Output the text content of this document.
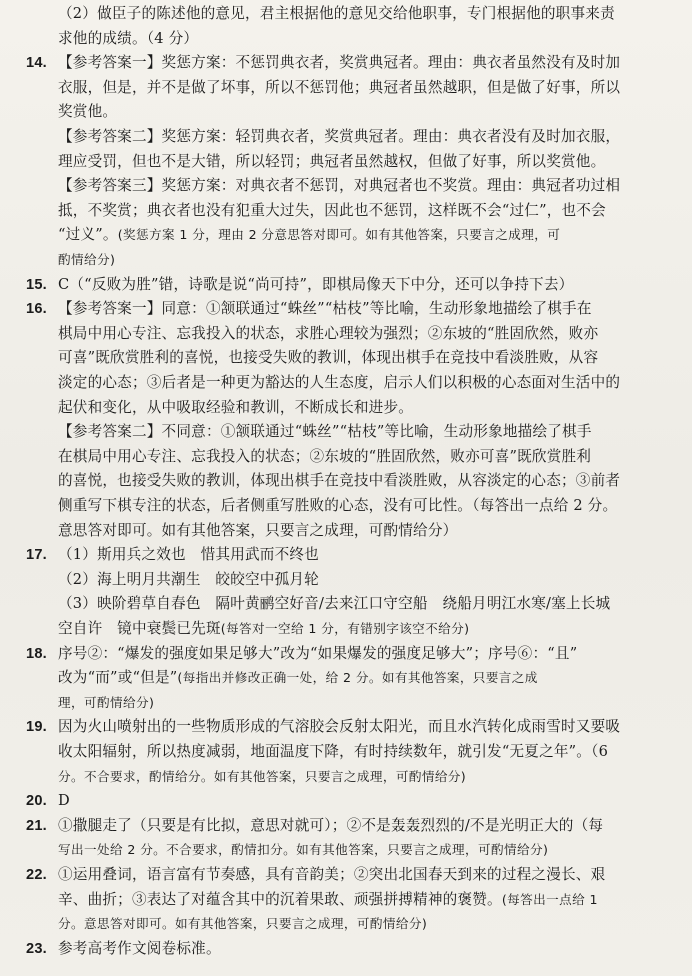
（2）做臣子的陈述他的意见，君主根据他的意见交给他职事，专门根据他的职事来责
求他的成绩。（4 分）
14. 【参考答案一】奖惩方案：不惩罚典衣者，奖赏典冠者。理由：典衣者虽然没有及时加
衣服，但是，并不是做了坏事，所以不惩罚他；典冠者虽然越职，但是做了好事，所以
奖赏他。
【参考答案二】奖惩方案：轻罚典衣者，奖赏典冠者。理由：典衣者没有及时加衣服，
理应受罚，但也不是大错，所以轻罚；典冠者虽然越权，但做了好事，所以奖赏他。
【参考答案三】奖惩方案：对典衣者不惩罚，对典冠者也不奖赏。理由：典冠者功过相
抵，不奖赏；典衣者也没有犯重大过失，因此也不惩罚，这样既不会“过仁”，也不会
“过义”。(奖惩方案 1 分，理由 2 分意思答对即可。如有其他答案，只要言之成理，可
酌情给分)
15. C（“反败为胜”错，诗歌是说“尚可持”，即棋局像天下中分，还可以争持下去）
16. 【参考答案一】同意：①颔联通过“蛛丝”“枯枝”等比喻，生动形象地描绘了棋手在
棋局中用心专注、忘我投入的状态，求胜心理较为强烈；②东坡的“胜固欣然，败亦
可喜”既欣赏胜利的喜悦，也接受失败的教训，体现出棋手在竞技中看淡胜败，从容
淡定的心态；③后者是一种更为豁达的人生态度，启示人们以积极的心态面对生活中的
起伏和变化，从中吸取经验和教训，不断成长和进步。
【参考答案二】不同意：①颔联通过“蛛丝”“枯枝”等比喻，生动形象地描绘了棋手
在棋局中用心专注、忘我投入的状态；②东坡的“胜固欣然，败亦可喜”既欣赏胜利
的喜悦，也接受失败的教训，体现出棋手在竞技中看淡胜败，从容淡定的心态；③前者
侧重写下棋专注的状态，后者侧重写胜败的心态，没有可比性。（每答出一点给 2 分。
意思答对即可。如有其他答案，只要言之成理，可酌情给分）
17. （1）斯用兵之效也　惜其用武而不终也
（2）海上明月共潮生　皎皎空中孤月轮
（3）映阶碧草自春色　隔叶黄鹂空好音/去来江口守空船　绕船月明江水寒/塞上长城
空自许　镜中衰鬓已先斑(每答对一空给 1 分，有错别字该空不给分)
18. 序号②：“爆发的强度如果足够大”改为“如果爆发的强度足够大”；序号⑥：“且”
改为“而”或“但是”(每指出并修改正确一处，给 2 分。如有其他答案，只要言之成
理，可酌情给分)
19. 因为火山喷射出的一些物质形成的气溶胶会反射太阳光，而且水汽转化成雨雪时又要吸
收太阳辐射，所以热度减弱，地面温度下降，有时持续数年，就引发“无夏之年”。（6
分。不合要求，酌情给分。如有其他答案，只要言之成理，可酌情给分)
20. D
21. ①撒腿走了（只要是有比拟，意思对就可）；②不是轰轰烈烈的/不是光明正大的（每
写出一处给 2 分。不合要求，酌情扣分。如有其他答案，只要言之成理，可酌情给分)
22. ①运用叠词，语言富有节奏感，具有音韵美；②突出北国春天到来的过程之漫长、艰
辛、曲折；③表达了对蕴含其中的沉着果敢、顽强拼搏精神的褒赞。(每答出一点给 1
分。意思答对即可。如有其他答案，只要言之成理，可酌情给分)
23. 参考高考作文阅卷标准。
